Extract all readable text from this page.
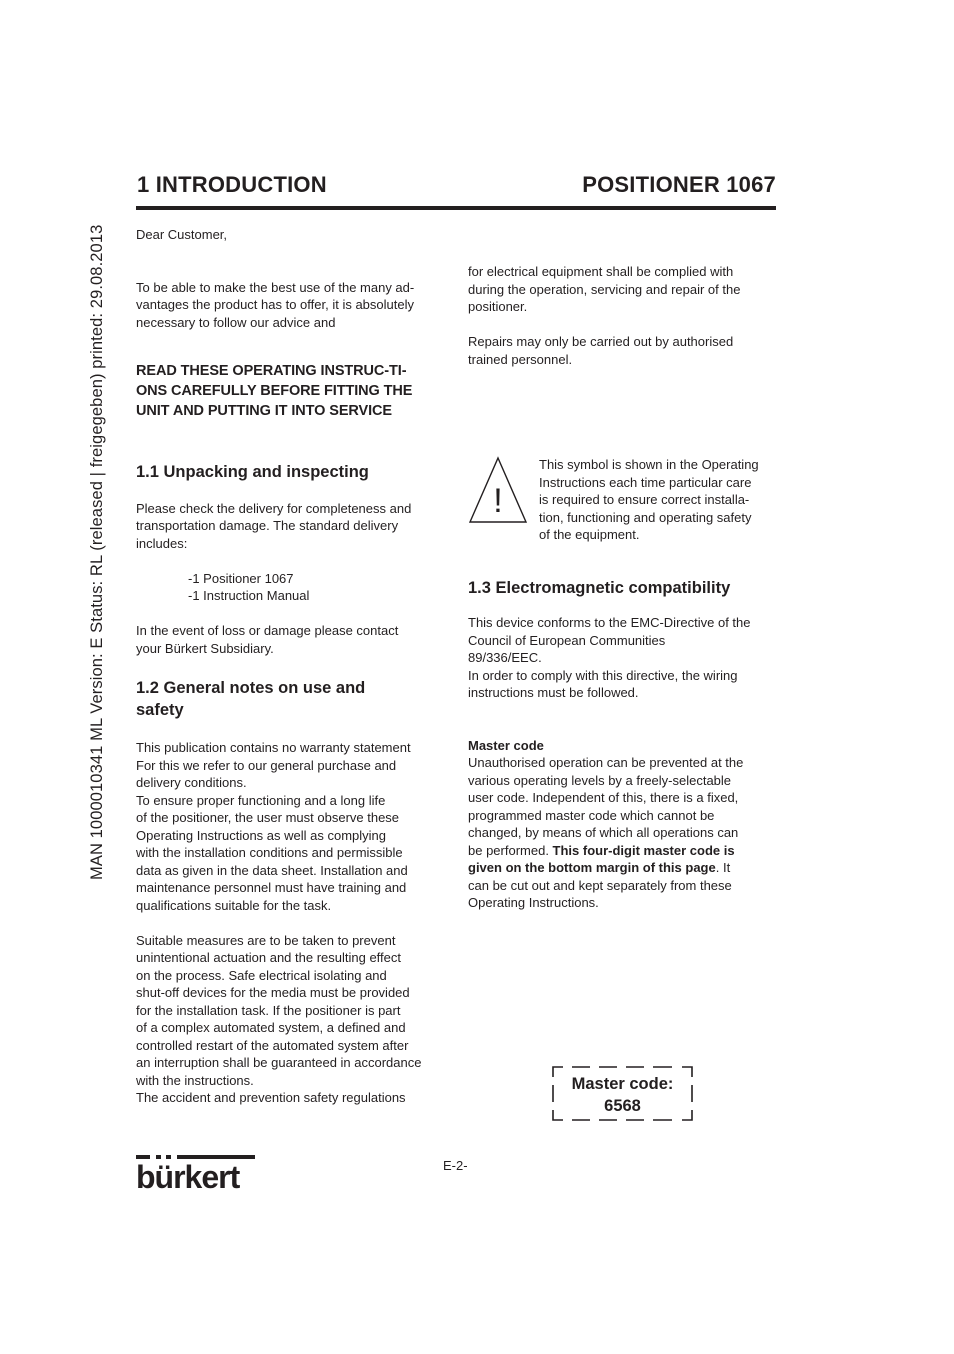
MAN 1000010341 ML Version: E Status: RL (released | freigegeben) printed: 29.08.2013
1 INTRODUCTION	POSITIONER 1067

Dear Customer,

To be able to make the best use of the many ad-

vantages the product has to offer, it is absolutely

necessary to follow our advice and

READ THESE OPERATING INSTRUC-TI-

ONS CAREFULLY BEFORE FITTING THE

UNIT AND PUTTING IT INTO SERVICE

1.1 Unpacking and inspecting

Please check the delivery for completeness and

transportation damage. The standard delivery

includes:

-1 Positioner 1067

-1 Instruction Manual

In the event of loss or damage please contact

your Bürkert Subsidiary.

1.2 General notes on use and

safety

This publication contains no warranty statement

For this we refer to our general purchase and

delivery conditions.

To ensure proper functioning and a long life

of the positioner, the user must observe these

Operating Instructions as well as complying

with the installation conditions and permissible

data as given in the data sheet. Installation and

maintenance personnel must have training and

qualifications suitable for the task.

Suitable measures are to be taken to prevent

unintentional actuation and the resulting effect

on the process. Safe electrical isolating and

shut-off devices for the media must be provided

for the installation task. If the positioner is part

of a complex automated system, a defined and

controlled restart of the automated system after

an interruption shall be guaranteed in accordance

with the instructions.

The accident and prevention safety regulations

for electrical equipment shall be complied with

during the operation, servicing and repair of the

positioner.

Repairs may only be carried out by authorised

trained personnel.

!

This symbol is shown in the Operating

Instructions each time particular care

is required to ensure correct installa-

tion, functioning and operating safety

of the equipment.

1.3 Electromagnetic compatibility

This device conforms to the EMC-Directive of the

Council of European Communities

89/336/EEC.

In order to comply with this directive, the wiring

instructions must be followed.

Master code

Unauthorised operation can be prevented at the

various operating levels by a freely-selectable

user code. Independent of this, there is a fixed,

programmed master code which cannot be

changed, by means of which all operations can

be performed. This four-digit master code is

given on the bottom margin of this page. It

can be cut out and kept separately from these

Operating Instructions.

Master code:
6568
bürkert	E-2-
